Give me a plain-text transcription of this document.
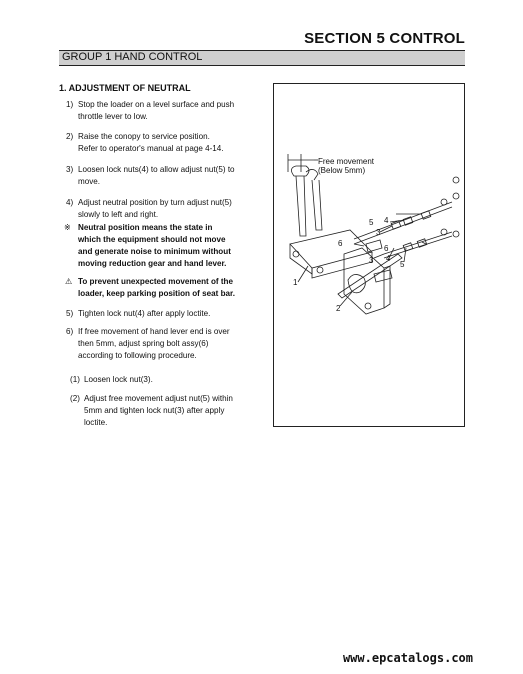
SECTION 5 CONTROL
GROUP 1 HAND CONTROL
1. ADJUSTMENT OF NEUTRAL
1) Stop the loader on a level surface and push
throttle lever to low.
2) Raise the conopy to service position.
Refer to operator's manual at page 4-14.
3) Loosen lock nuts(4) to allow adjust nut(5) to
move.
4) Adjust neutral position by turn adjust nut(5)
slowly to left and right.
※ Neutral position means the state in
which the equipment should not move
and generate noise to minimum without
moving reduction gear and hand lever.
⚠ To prevent unexpected movement of the
loader, keep parking position of seat bar.
5) Tighten lock nut(4) after apply loctite.
6) If free movement of hand lever end is over
then 5mm, adjust spring bolt assy(6)
according to following procedure.
(1) Loosen lock nut(3).
(2) Adjust free movement adjust nut(5) within
5mm and tighten lock nut(3) after apply
loctite.
Free movement
(Below 5mm)
1
2
3
4
5
6
3 4
5
6
www.epcatalogs.com
